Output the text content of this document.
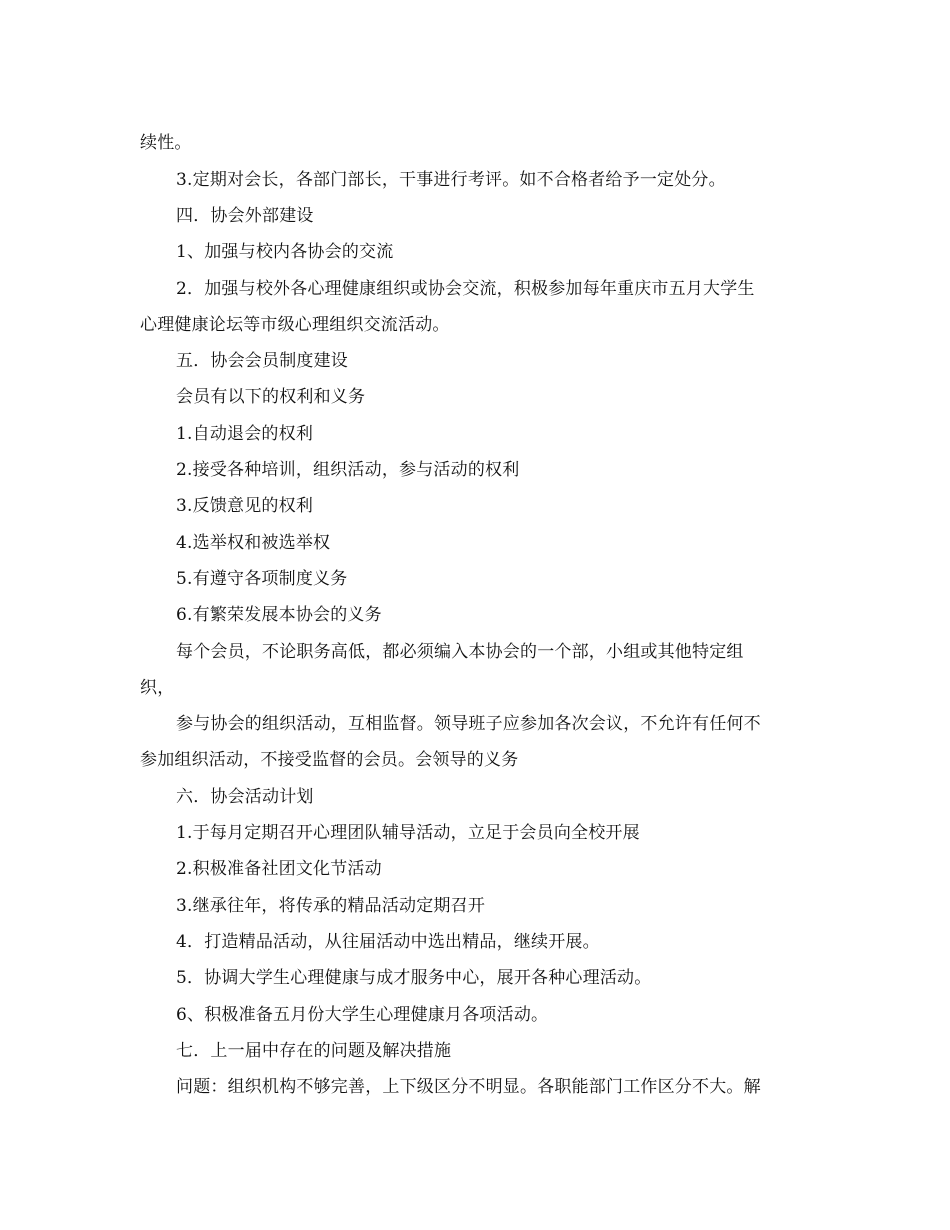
续性。
3.定期对会长，各部门部长，干事进行考评。如不合格者给予一定处分。
四．协会外部建设
1、加强与校内各协会的交流
2．加强与校外各心理健康组织或协会交流，积极参加每年重庆市五月大学生
心理健康论坛等市级心理组织交流活动。
五．协会会员制度建设
会员有以下的权利和义务
1.自动退会的权利
2.接受各种培训，组织活动，参与活动的权利
3.反馈意见的权利
4.选举权和被选举权
5.有遵守各项制度义务
6.有繁荣发展本协会的义务
每个会员，不论职务高低，都必须编入本协会的一个部，小组或其他特定组
织，
参与协会的组织活动，互相监督。领导班子应参加各次会议，不允许有任何不
参加组织活动，不接受监督的会员。会领导的义务
六．协会活动计划
1.于每月定期召开心理团队辅导活动，立足于会员向全校开展
2.积极准备社团文化节活动
3.继承往年，将传承的精品活动定期召开
4．打造精品活动，从往届活动中选出精品，继续开展。
5．协调大学生心理健康与成才服务中心，展开各种心理活动。
6、积极准备五月份大学生心理健康月各项活动。
七．上一届中存在的问题及解决措施
问题：组织机构不够完善，上下级区分不明显。各职能部门工作区分不大。解
